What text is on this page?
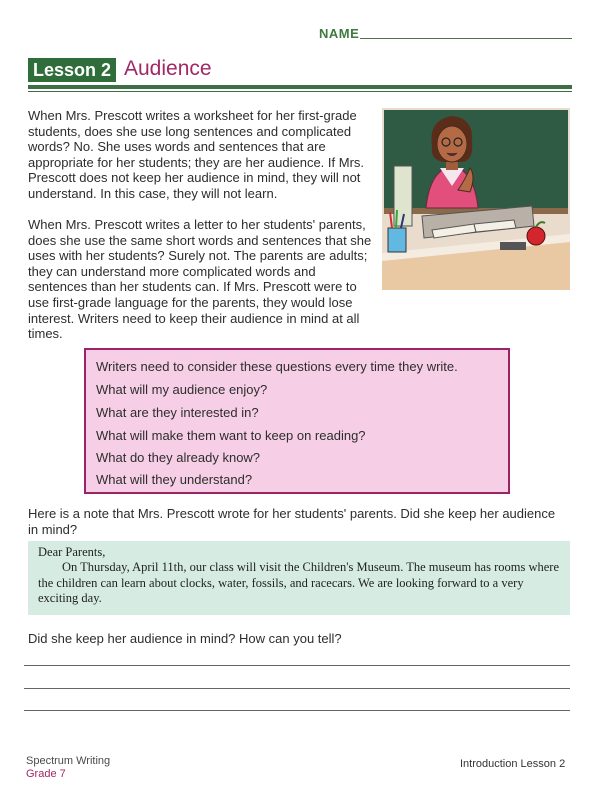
NAME
Lesson 2 Audience
When Mrs. Prescott writes a worksheet for her first-grade students, does she use long sentences and complicated words? No. She uses words and sentences that are appropriate for her students; they are her audience. If Mrs. Prescott does not keep her audience in mind, they will not understand. In this case, they will not learn.
When Mrs. Prescott writes a letter to her students' parents, does she use the same short words and sentences that she uses with her students? Surely not. The parents are adults; they can understand more complicated words and sentences than her students can. If Mrs. Prescott were to use first-grade language for the parents, they would lose interest. Writers need to keep their audience in mind at all times.
Writers need to consider these questions every time they write.
What will my audience enjoy?
What are they interested in?
What will make them want to keep on reading?
What do they already know?
What will they understand?
Here is a note that Mrs. Prescott wrote for her students' parents. Did she keep her audience in mind?

Dear Parents,

On Thursday, April 11th, our class will visit the Children's Museum. The museum has rooms where the children can learn about clocks, water, fossils, and racecars. We are looking forward to a very exciting day.

Did she keep her audience in mind? How can you tell?
Spectrum Writing
Grade 7
Introduction Lesson 2
